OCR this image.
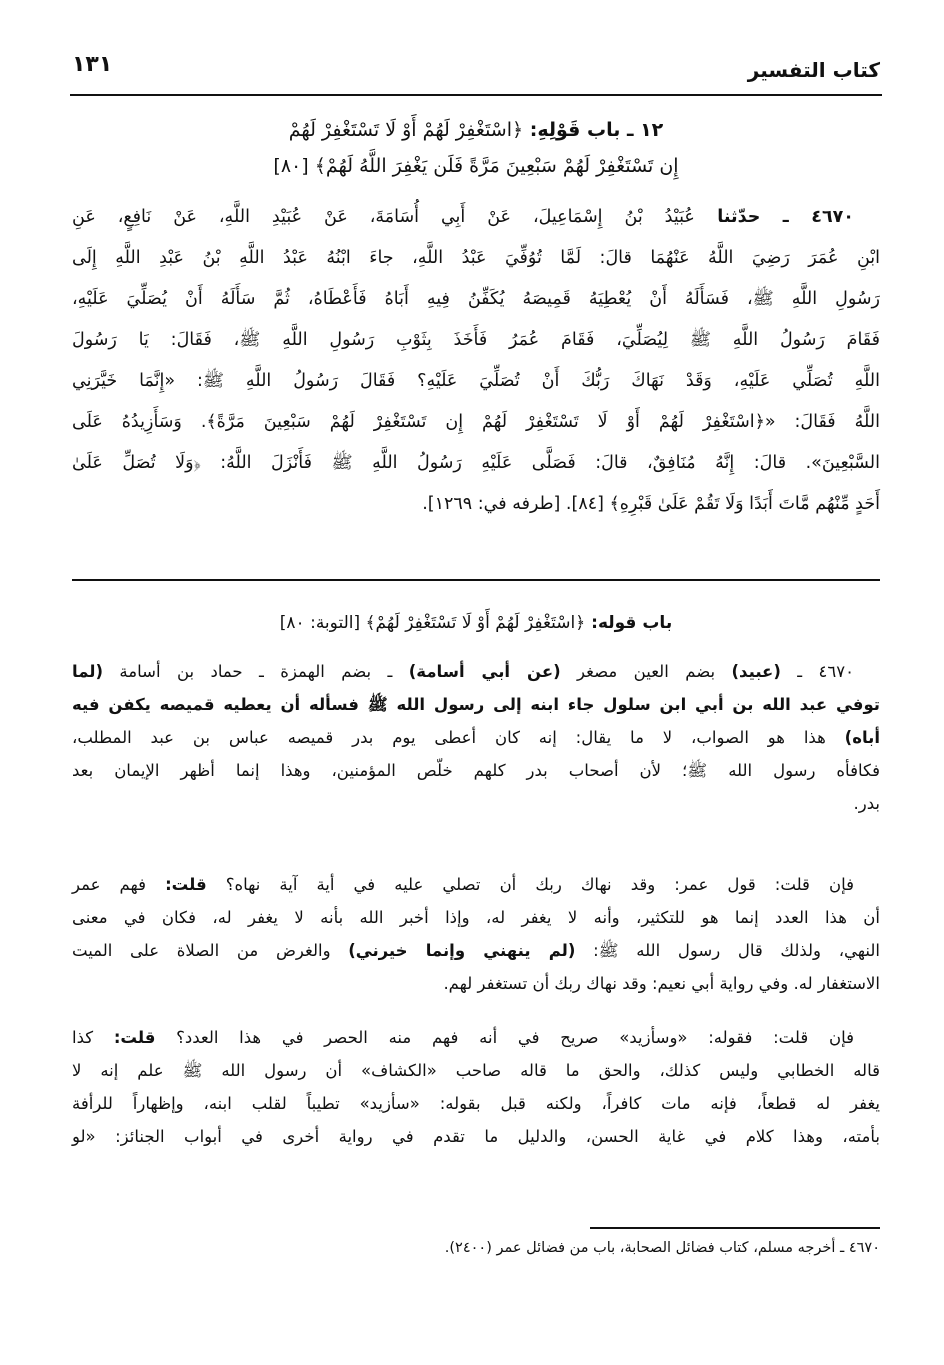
كتاب التفسير
١٣١
١٢ ـ باب قَوْلِهِ: ﴿اسْتَغْفِرْ لَهُمْ أَوْ لَا تَسْتَغْفِرْ لَهُمْ
إِن تَسْتَغْفِرْ لَهُمْ سَبْعِينَ مَرَّةً فَلَن يَغْفِرَ اللَّهُ لَهُمْ﴾ [٨٠]
٤٦٧٠ ـ حدّثنا عُبَيْدُ بْنُ إِسْمَاعِيلَ، عَنْ أَبِي أُسَامَةَ، عَنْ عُبَيْدِ اللَّهِ، عَنْ نَافِعٍ، عَنِ
ابْنِ عُمَرَ رَضِيَ اللَّهُ عَنْهُمَا قالَ: لَمَّا تُوُفِّيَ عَبْدُ اللَّهِ، جاءَ ابْنُهُ عَبْدُ اللَّهِ بْنُ عَبْدِ اللَّهِ إِلَى
رَسُولِ اللَّهِ ﷺ، فَسَأَلَهُ أَنْ يُعْطِيَهُ قَمِيصَهُ يُكَفِّنُ فِيهِ أَبَاهُ فَأَعْطَاهُ، ثُمَّ سَأَلَهُ أَنْ يُصَلِّيَ عَلَيْهِ،
فَقَامَ رَسُولُ اللَّهِ ﷺ لِيُصَلِّيَ، فَقَامَ عُمَرُ فَأَخَذَ بِثَوْبِ رَسُولِ اللَّهِ ﷺ، فَقَالَ: يَا رَسُولَ
اللَّهِ تُصَلِّي عَلَيْهِ، وَقَدْ نَهَاكَ رَبُّكَ أَنْ تُصَلِّيَ عَلَيْهِ؟ فَقَالَ رَسُولُ اللَّهِ ﷺ: «إِنَّمَا خَيَّرَنِي
اللَّهُ فَقَالَ: «﴿اسْتَغْفِرْ لَهُمْ أَوْ لَا تَسْتَغْفِرْ لَهُمْ إِن تَسْتَغْفِرْ لَهُمْ سَبْعِينَ مَرَّةً﴾. وَسَأَزِيدُهُ عَلَى
السَّبْعِينَ». قالَ: إِنَّهُ مُنَافِقٌ، قالَ: فَصَلَّى عَلَيْهِ رَسُولُ اللَّهِ ﷺ فَأَنْزَلَ اللَّهُ: ﴿وَلَا تُصَلِّ عَلَىٰ
أَحَدٍ مِّنْهُم مَّاتَ أَبَدًا وَلَا تَقُمْ عَلَىٰ قَبْرِهِ﴾ [٨٤]. [طرفه في: ١٢٦٩].
باب قوله: ﴿اسْتَغْفِرْ لَهُمْ أَوْ لَا تَسْتَغْفِرْ لَهُمْ﴾ [التوبة: ٨٠]
٤٦٧٠ ـ (عبيد) بضم العين مصغر (عن أبي أسامة) ـ بضم الهمزة ـ حماد بن أسامة (لما
توفي عبد الله بن أبي ابن سلول جاء ابنه إلى رسول الله ﷺ فسأله أن يعطيه قميصه يكفن فيه
أباه) هذا هو الصواب، لا ما يقال: إنه كان أعطى يوم بدر قميصه عباس بن عبد المطلب،
فكافأه رسول الله ﷺ؛ لأن أصحاب بدر كلهم خلّص المؤمنين، وهذا إنما أظهر الإيمان بعد
بدر.
فإن قلت: قول عمر: وقد نهاك ربك أن تصلي عليه في أية آية نهاه؟ قلت: فهم عمر
أن هذا العدد إنما هو للتكثير، وأنه لا يغفر له، وإذا أخبر الله بأنه لا يغفر له، فكان في معنى
النهي، ولذلك قال رسول الله ﷺ: (لم ينهني وإنما خيرني) والغرض من الصلاة على الميت
الاستغفار له. وفي رواية أبي نعيم: وقد نهاك ربك أن تستغفر لهم.
فإن قلت: فقوله: «وسأزيد» صريح في أنه فهم منه الحصر في هذا العدد؟ قلت: كذا
قاله الخطابي وليس كذلك، والحق ما قاله صاحب «الكشاف» أن رسول الله ﷺ علم إنه لا
يغفر له قطعاً، فإنه مات كافراً، ولكنه قبل بقوله: «سأزيد» تطيباً لقلب ابنه، وإظهاراً للرأفة
بأمته، وهذا كلام في غاية الحسن، والدليل ما تقدم في رواية أخرى في أبواب الجنائز: «لو
٤٦٧٠ ـ أخرجه مسلم، كتاب فضائل الصحابة، باب من فضائل عمر (٢٤٠٠).
